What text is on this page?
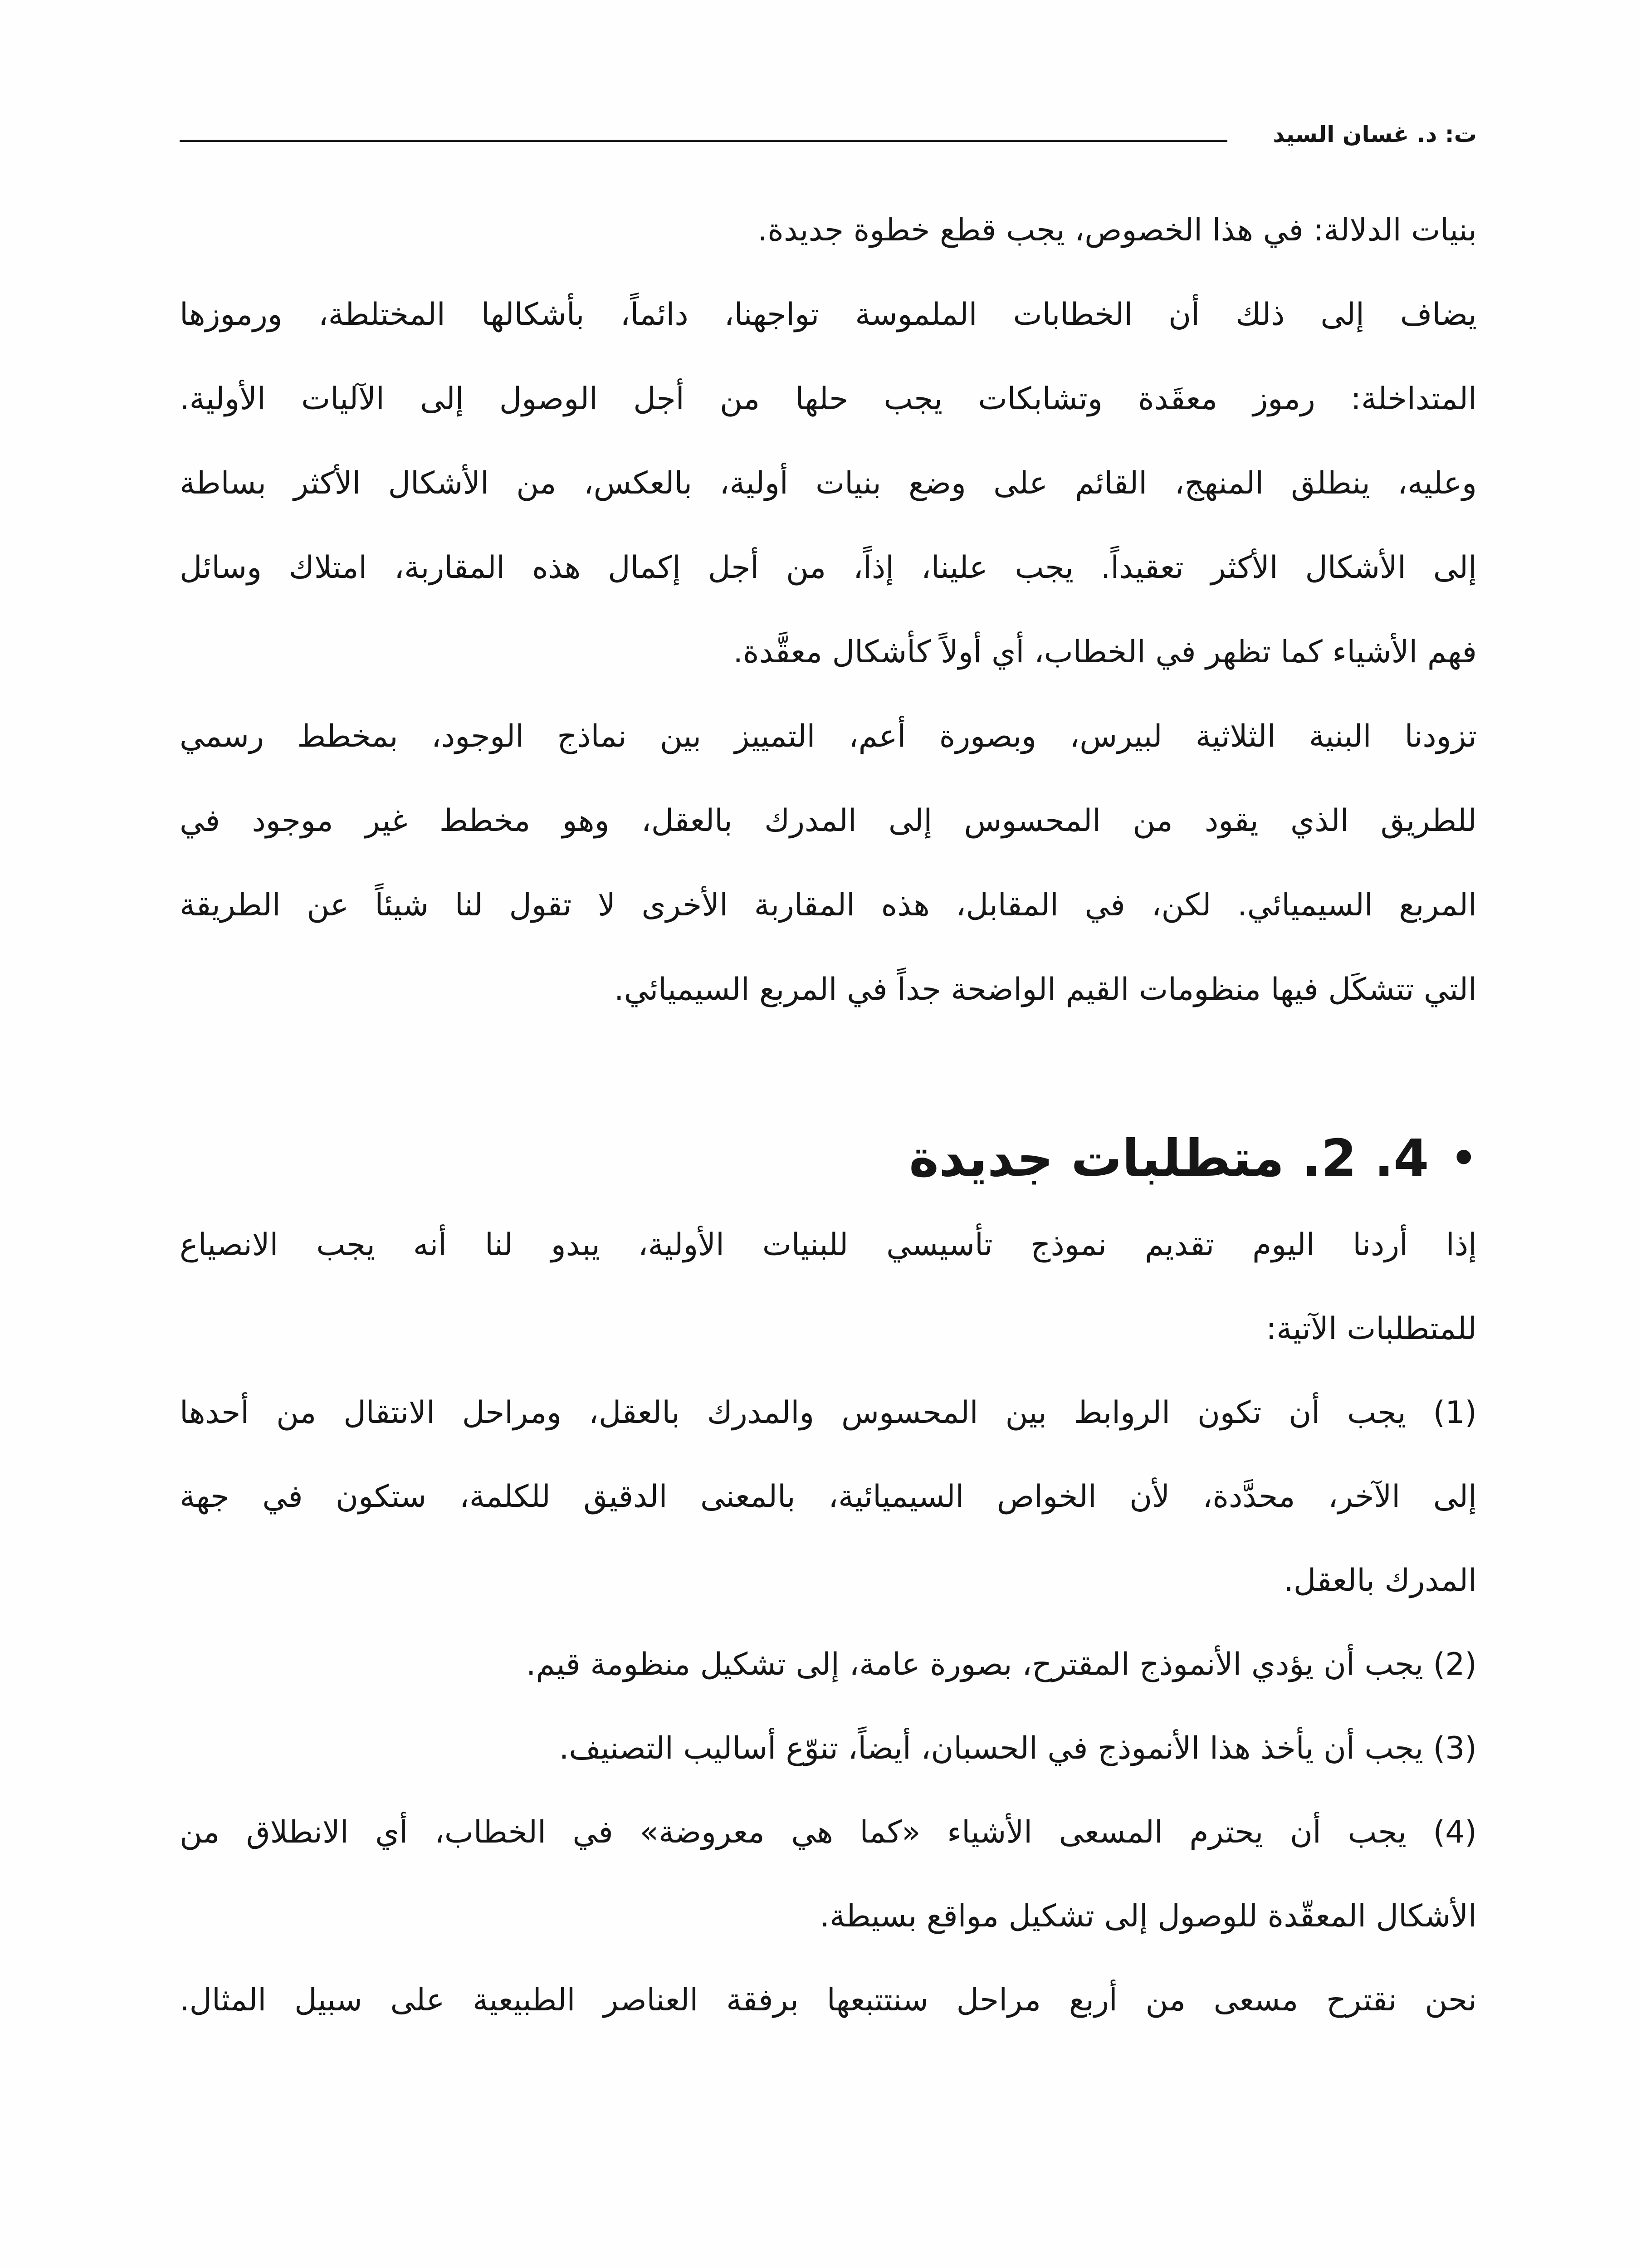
ت: د. غسان السيد
بنيات الدلالة: في هذا الخصوص، يجب قطع خطوة جديدة.
يضاف إلى ذلك أن الخطابات الملموسة تواجهنا، دائماً، بأشكالها المختلطة، ورموزها
المتداخلة: رموز معقَدة وتشابكات يجب حلها من أجل الوصول إلى الآليات الأولية.
وعليه، ينطلق المنهج، القائم على وضع بنيات أولية، بالعكس، من الأشكال الأكثر بساطة
إلى الأشكال الأكثر تعقيداً. يجب علينا، إذاً، من أجل إكمال هذه المقاربة، امتلاك وسائل
فهم الأشياء كما تظهر في الخطاب، أي أولاً كأشكال معقَّدة.
تزودنا البنية الثلاثية لبيرس، وبصورة أعم، التمييز بين نماذج الوجود، بمخطط رسمي
للطريق الذي يقود من المحسوس إلى المدرك بالعقل، وهو مخطط غير موجود في
المربع السيميائي. لكن، في المقابل، هذه المقاربة الأخرى لا تقول لنا شيئاً عن الطريقة
التي تتشكَل فيها منظومات القيم الواضحة جداً في المربع السيميائي.
•
4. 2. متطلبات جديدة
إذا أردنا اليوم تقديم نموذج تأسيسي للبنيات الأولية، يبدو لنا أنه يجب الانصياع
للمتطلبات الآتية:
(1) يجب أن تكون الروابط بين المحسوس والمدرك بالعقل، ومراحل الانتقال من أحدها
إلى الآخر، محدَّدة، لأن الخواص السيميائية، بالمعنى الدقيق للكلمة، ستكون في جهة
المدرك بالعقل.
(2) يجب أن يؤدي الأنموذج المقترح، بصورة عامة، إلى تشكيل منظومة قيم.
(3) يجب أن يأخذ هذا الأنموذج في الحسبان، أيضاً، تنوّع أساليب التصنيف.
(4) يجب أن يحترم المسعى الأشياء «كما هي معروضة» في الخطاب، أي الانطلاق من
الأشكال المعقّدة للوصول إلى تشكيل مواقع بسيطة.
نحن نقترح مسعى من أربع مراحل سنتتبعها برفقة العناصر الطبيعية على سبيل المثال.
